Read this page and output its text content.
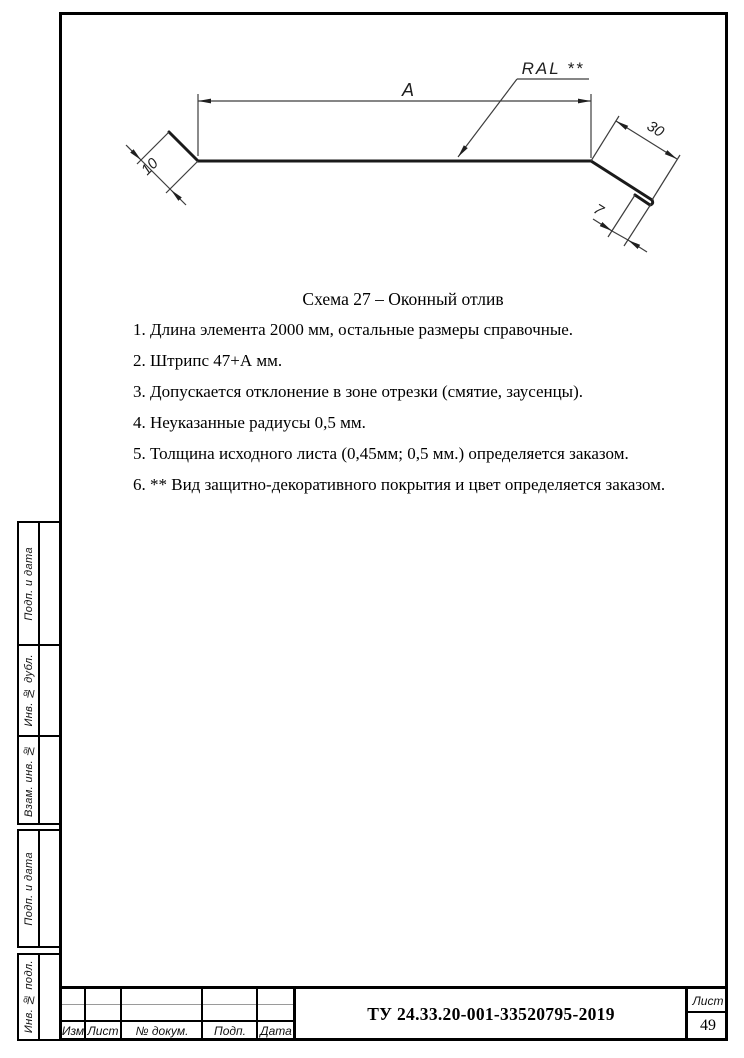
A
RAL **
10
30
7
Схема 27 – Оконный отлив

1. Длина элемента 2000 мм, остальные размеры справочные.

2. Штрипс 47+А мм.

3. Допускается отклонение в зоне отрезки (смятие, заусенцы).

4. Неуказанные радиусы 0,5 мм.

5. Толщина исходного листа (0,45мм; 0,5 мм.) определяется заказом.

6. ** Вид защитно-декоративного покрытия и цвет определяется заказом.

Подп. и дата
Инв. № дубл.
Взам. инв. №
Подп. и дата
Инв. № подл. Изм Лист	№ докум.	Подп.	Дата
ТУ 24.33.20-001-33520795-2019
Лист
49
